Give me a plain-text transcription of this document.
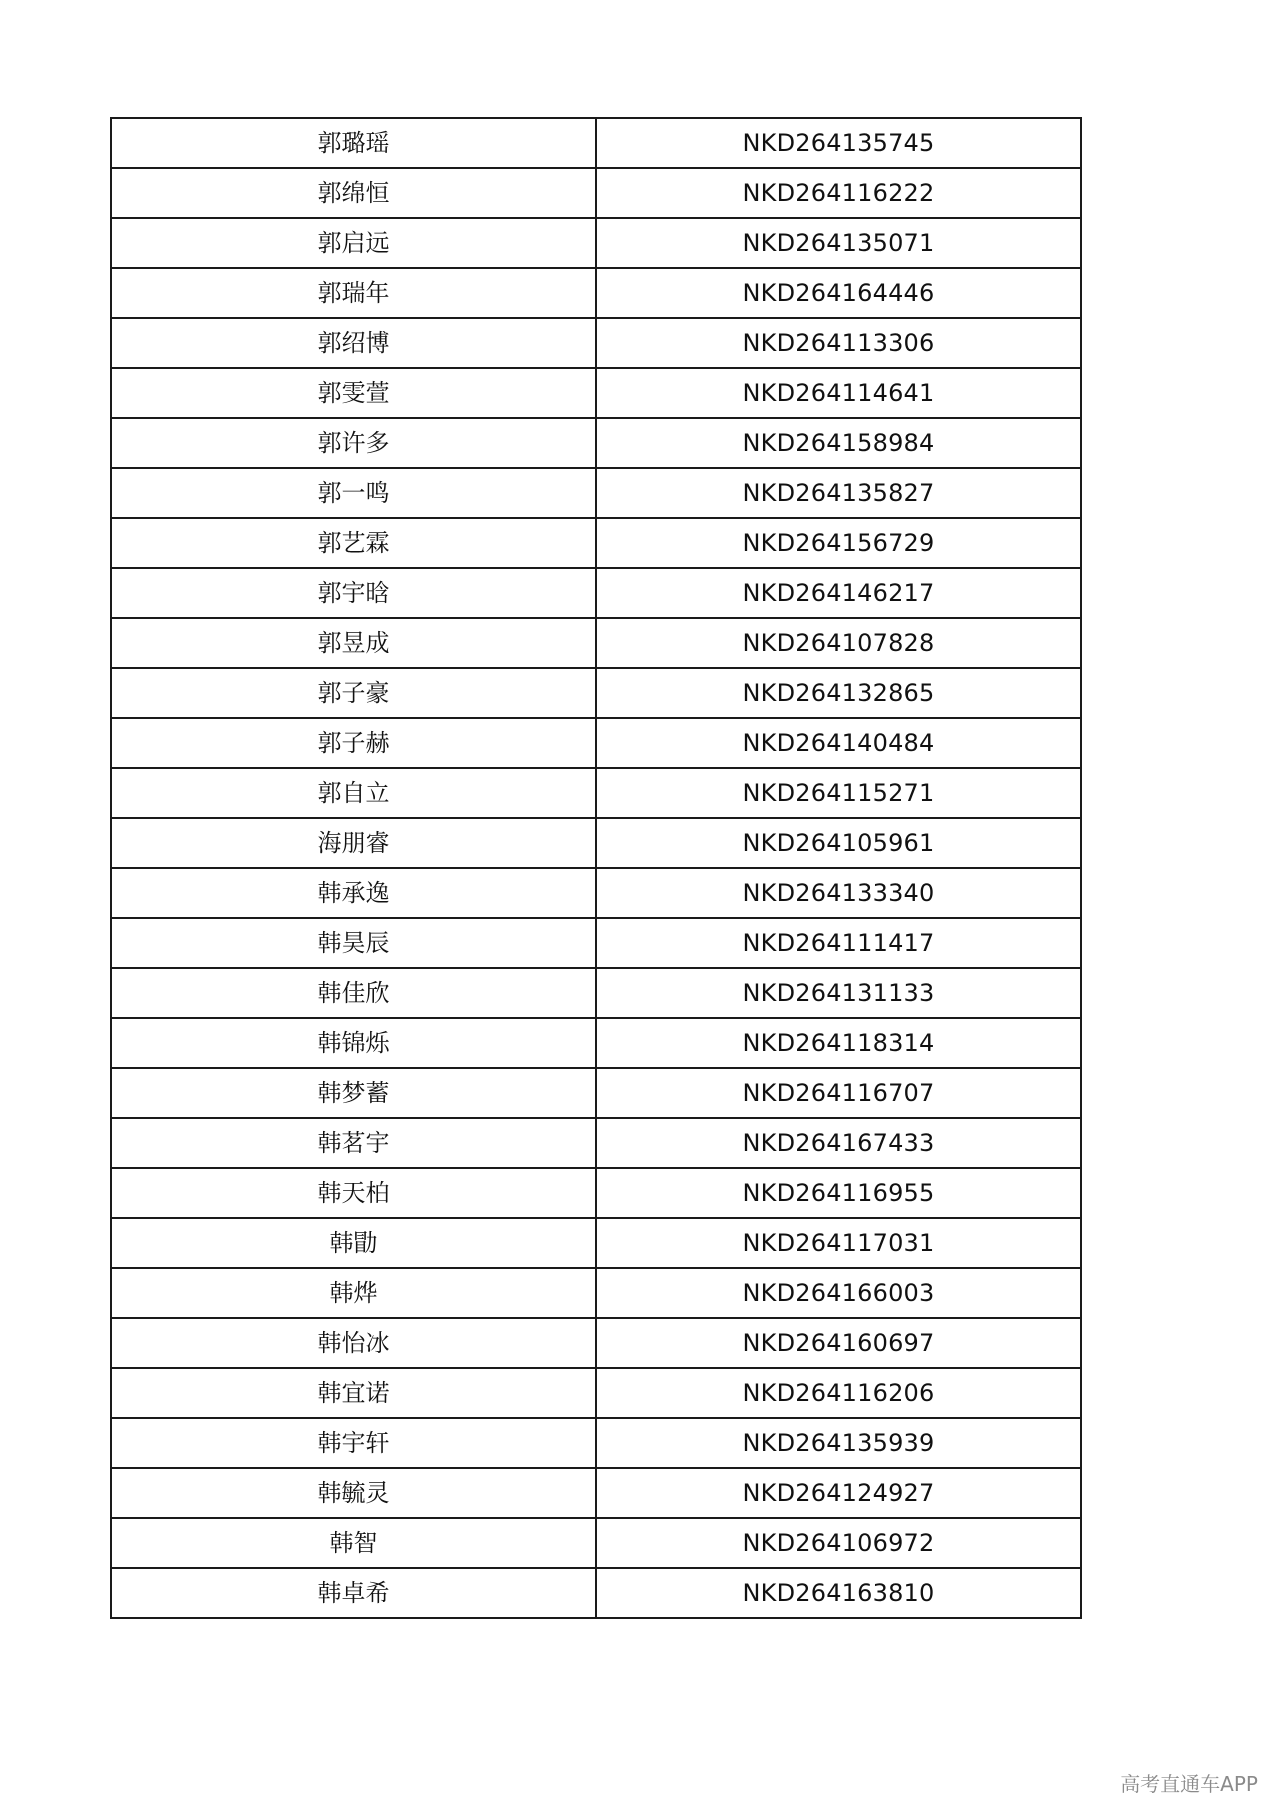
郭璐瑶	NKD264135745
郭绵恒	NKD264116222
郭启远	NKD264135071
郭瑞年	NKD264164446
郭绍博	NKD264113306
郭雯萱	NKD264114641
郭许多	NKD264158984
郭一鸣	NKD264135827
郭艺霖	NKD264156729
郭宇晗	NKD264146217
郭昱成	NKD264107828
郭子豪	NKD264132865
郭子赫	NKD264140484
郭自立	NKD264115271
海朋睿	NKD264105961
韩承逸	NKD264133340
韩昊辰	NKD264111417
韩佳欣	NKD264131133
韩锦烁	NKD264118314
韩梦蓄	NKD264116707
韩茗宇	NKD264167433
韩天柏	NKD264116955
韩勖	NKD264117031
韩烨	NKD264166003
韩怡冰	NKD264160697
韩宜诺	NKD264116206
韩宇轩	NKD264135939
韩毓灵	NKD264124927
韩智	NKD264106972
韩卓希	NKD264163810
高考直通车APP
